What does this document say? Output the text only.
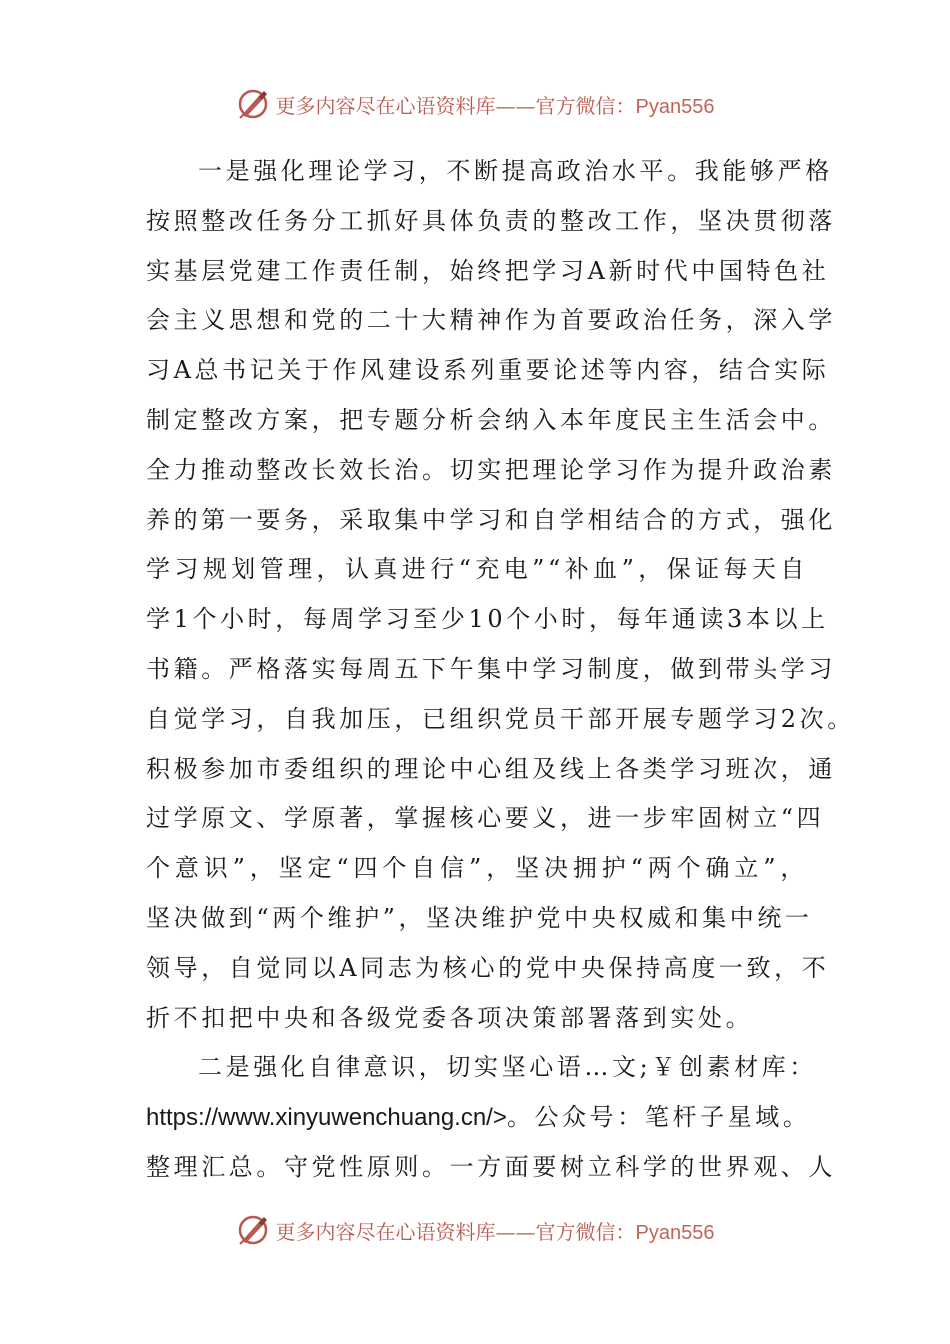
更多内容尽在心语资料库——官方微信：Pyan556
一是强化理论学习，不断提高政治水平。我能够严格
按照整改任务分工抓好具体负责的整改工作，坚决贯彻落
实基层党建工作责任制，始终把学习A新时代中国特色社
会主义思想和党的二十大精神作为首要政治任务，深入学
习A总书记关于作风建设系列重要论述等内容，结合实际
制定整改方案，把专题分析会纳入本年度民主生活会中。
全力推动整改长效长治。切实把理论学习作为提升政治素
养的第一要务，采取集中学习和自学相结合的方式，强化
学习规划管理，认真进行“充电”“补血”，保证每天自
学1个小时，每周学习至少10个小时，每年通读3本以上
书籍。严格落实每周五下午集中学习制度，做到带头学习
自觉学习，自我加压，已组织党员干部开展专题学习2次。
积极参加市委组织的理论中心组及线上各类学习班次，通
过学原文、学原著，掌握核心要义，进一步牢固树立“四
个意识”，坚定“四个自信”，坚决拥护“两个确立”，
坚决做到“两个维护”，坚决维护党中央权威和集中统一
领导，自觉同以A同志为核心的党中央保持高度一致，不
折不扣把中央和各级党委各项决策部署落到实处。
二是强化自律意识，切实坚心语…文;￥创素材库：
https://www.xinyuwenchuang.cn/>。公众号：笔杆子星域。
整理汇总。守党性原则。一方面要树立科学的世界观、人
更多内容尽在心语资料库——官方微信：Pyan556
